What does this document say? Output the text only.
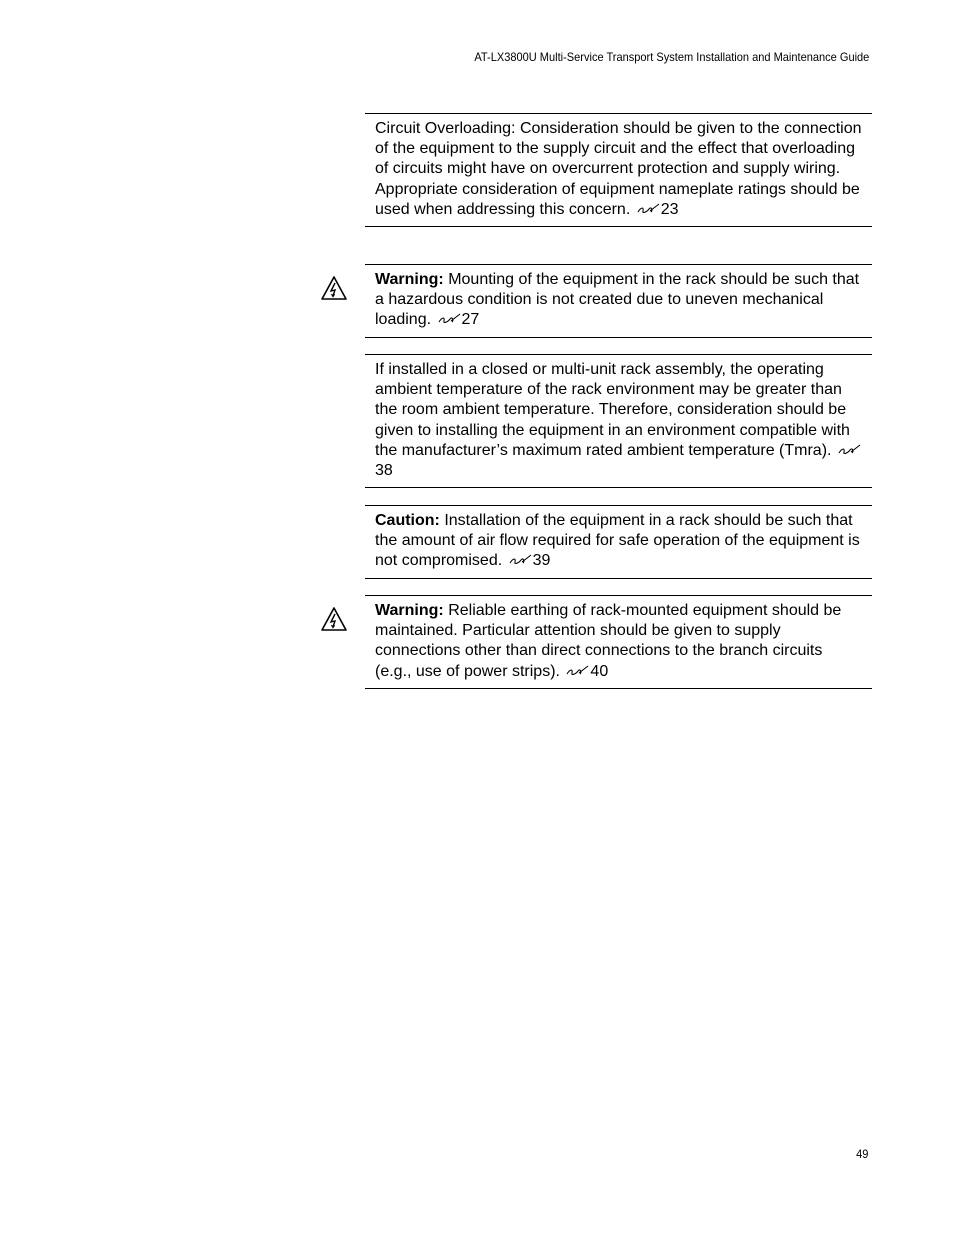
AT-LX3800U Multi-Service Transport System Installation and Maintenance Guide
Circuit Overloading: Consideration should be given to the connection of the equipment to the supply circuit and the effect that overloading of circuits might have on overcurrent protection and supply wiring. Appropriate consideration of equipment nameplate ratings should be used when addressing this concern. 23
Warning: Mounting of the equipment in the rack should be such that a hazardous condition is not created due to uneven mechanical loading. 27
If installed in a closed or multi-unit rack assembly, the operating ambient temperature of the rack environment may be greater than the room ambient temperature. Therefore, consideration should be given to installing the equipment in an environment compatible with the manufacturer’s maximum rated ambient temperature (Tmra).
38
Caution: Installation of the equipment in a rack should be such that the amount of air flow required for safe operation of the equipment is not compromised. 39
Warning: Reliable earthing of rack-mounted equipment should be maintained. Particular attention should be given to supply connections other than direct connections to the branch circuits (e.g., use of power strips). 40
49
